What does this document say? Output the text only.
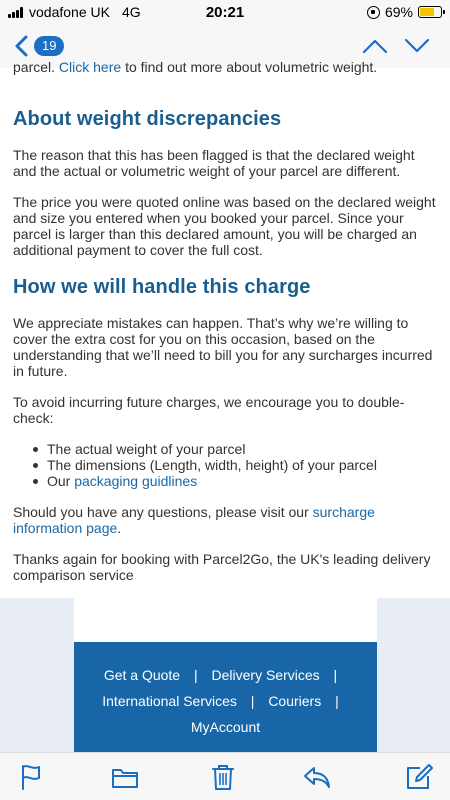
vodafone UK 4G	20:21	69%
19
parcel. Click here to find out more about volumetric weight.
About weight discrepancies

The reason that this has been flagged is that the declared weight and the actual or volumetric weight of your parcel are different.

The price you were quoted online was based on the declared weight and size you entered when you booked your parcel. Since your parcel is larger than this declared amount, you will be charged an additional payment to cover the full cost.

How we will handle this charge

We appreciate mistakes can happen. That’s why we’re willing to cover the extra cost for you on this occasion, based on the understanding that we’ll need to bill you for any surcharges incurred in future.

To avoid incurring future charges, we encourage you to double-check:

The actual weight of your parcel
The dimensions (Length, width, height) of your parcel
Our packaging guidlines

Should you have any questions, please visit our surcharge information page.

Thanks again for booking with Parcel2Go, the UK's leading delivery comparison service

Get a Quote | Delivery Services |
International Services | Couriers |
MyAccount
